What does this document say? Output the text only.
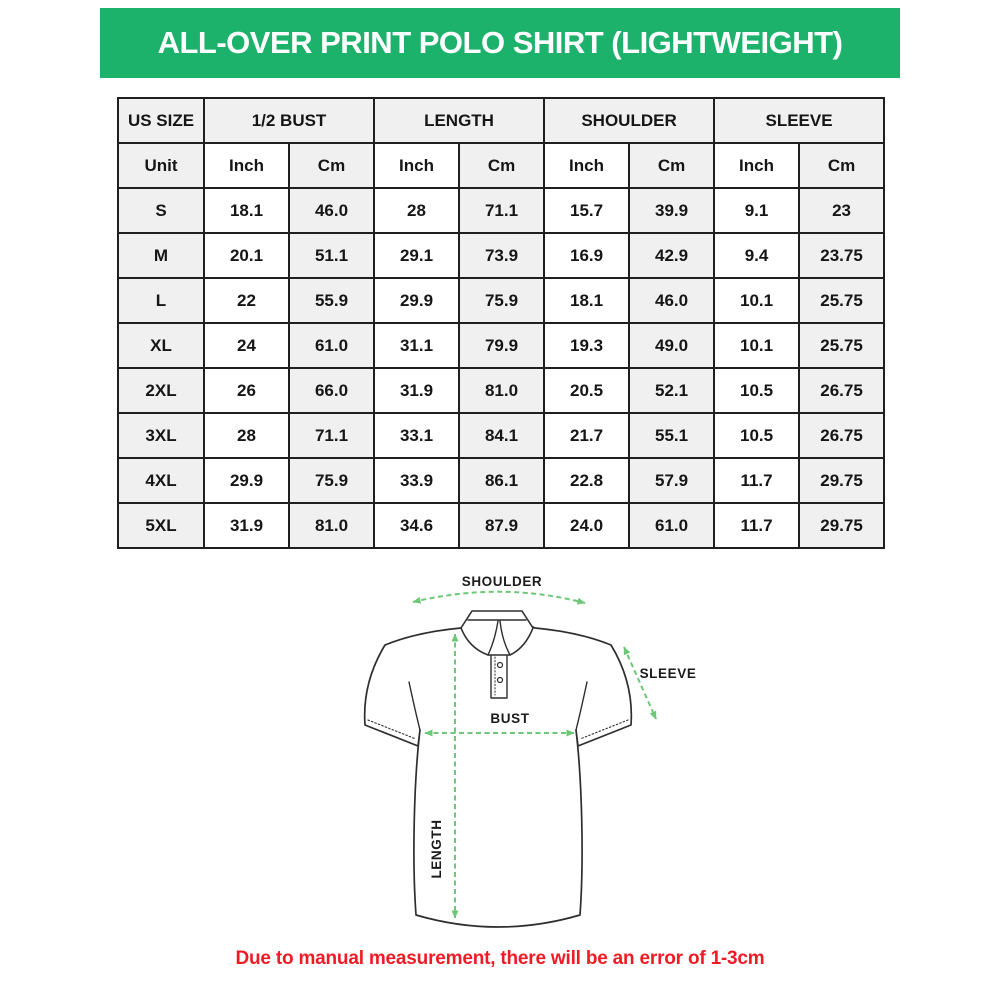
ALL-OVER PRINT POLO SHIRT (LIGHTWEIGHT)
US SIZE	1/2 BUST		LENGTH		SHOULDER		SLEEVE	
Unit	Inch	Cm	Inch	Cm	Inch	Cm	Inch	Cm
S	18.1	46.0	28	71.1	15.7	39.9	9.1	23
M	20.1	51.1	29.1	73.9	16.9	42.9	9.4	23.75
L	22	55.9	29.9	75.9	18.1	46.0	10.1	25.75
XL	24	61.0	31.1	79.9	19.3	49.0	10.1	25.75
2XL	26	66.0	31.9	81.0	20.5	52.1	10.5	26.75
3XL	28	71.1	33.1	84.1	21.7	55.1	10.5	26.75
4XL	29.9	75.9	33.9	86.1	22.8	57.9	11.7	29.75
5XL	31.9	81.0	34.6	87.9	24.0	61.0	11.7	29.75
SHOULDER
SLEEVE
BUST
LENGTH
Due to manual measurement, there will be an error of 1-3cm
